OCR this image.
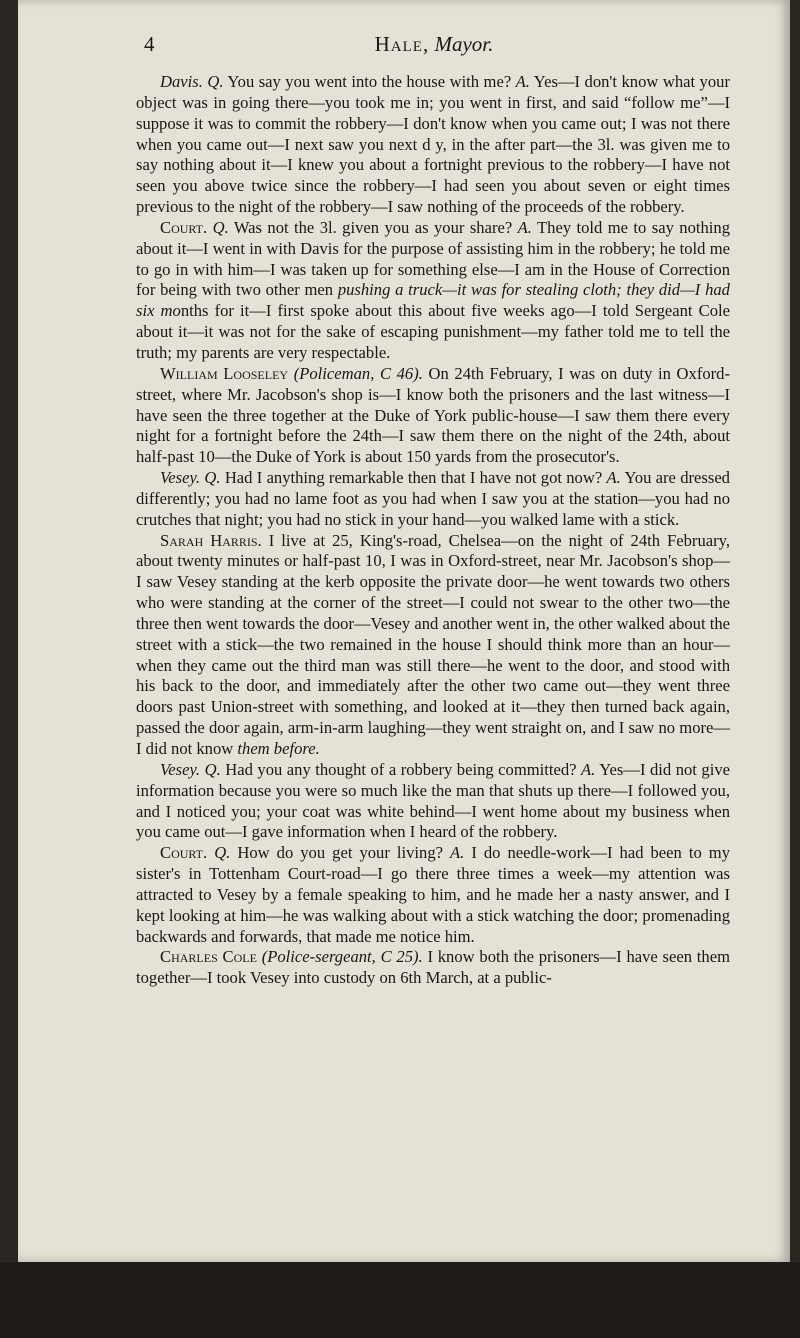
4	Hale, Mayor.

Davis. Q. You say you went into the house with me? A. Yes—I don't know what your object was in going there—you took me in; you went in first, and said “follow me”—I suppose it was to commit the robbery—I don't know when you came out; I was not there when you came out—I next saw you next d y, in the after part—the 3l. was given me to say nothing about it—I knew you about a fortnight previous to the robbery—I have not seen you above twice since the robbery—I had seen you about seven or eight times previous to the night of the robbery—I saw nothing of the proceeds of the robbery.

Court. Q. Was not the 3l. given you as your share? A. They told me to say nothing about it—I went in with Davis for the purpose of assisting him in the robbery; he told me to go in with him—I was taken up for something else—I am in the House of Correction for being with two other men pushing a truck—it was for stealing cloth; they did—I had six months for it—I first spoke about this about five weeks ago—I told Sergeant Cole about it—it was not for the sake of escaping punishment—my father told me to tell the truth; my parents are very respectable.

William Looseley (Policeman, C 46). On 24th February, I was on duty in Oxford-street, where Mr. Jacobson's shop is—I know both the prisoners and the last witness—I have seen the three together at the Duke of York public-house—I saw them there every night for a fortnight before the 24th—I saw them there on the night of the 24th, about half-past 10—the Duke of York is about 150 yards from the prosecutor's.

Vesey. Q. Had I anything remarkable then that I have not got now? A. You are dressed differently; you had no lame foot as you had when I saw you at the station—you had no crutches that night; you had no stick in your hand—you walked lame with a stick.

Sarah Harris. I live at 25, King's-road, Chelsea—on the night of 24th February, about twenty minutes or half-past 10, I was in Oxford-street, near Mr. Jacobson's shop—I saw Vesey standing at the kerb opposite the private door—he went towards two others who were standing at the corner of the street—I could not swear to the other two—the three then went towards the door—Vesey and another went in, the other walked about the street with a stick—the two remained in the house I should think more than an hour—when they came out the third man was still there—he went to the door, and stood with his back to the door, and immediately after the other two came out—they went three doors past Union-street with something, and looked at it—they then turned back again, passed the door again, arm-in-arm laughing—they went straight on, and I saw no more—I did not know them before.

Vesey. Q. Had you any thought of a robbery being committed? A. Yes—I did not give information because you were so much like the man that shuts up there—I followed you, and I noticed you; your coat was white behind—I went home about my business when you came out—I gave information when I heard of the robbery.

Court. Q. How do you get your living? A. I do needle-work—I had been to my sister's in Tottenham Court-road—I go there three times a week—my attention was attracted to Vesey by a female speaking to him, and he made her a nasty answer, and I kept looking at him—he was walking about with a stick watching the door; promenading backwards and forwards, that made me notice him.

Charles Cole (Police-sergeant, C 25). I know both the prisoners—I have seen them together—I took Vesey into custody on 6th March, at a public-
